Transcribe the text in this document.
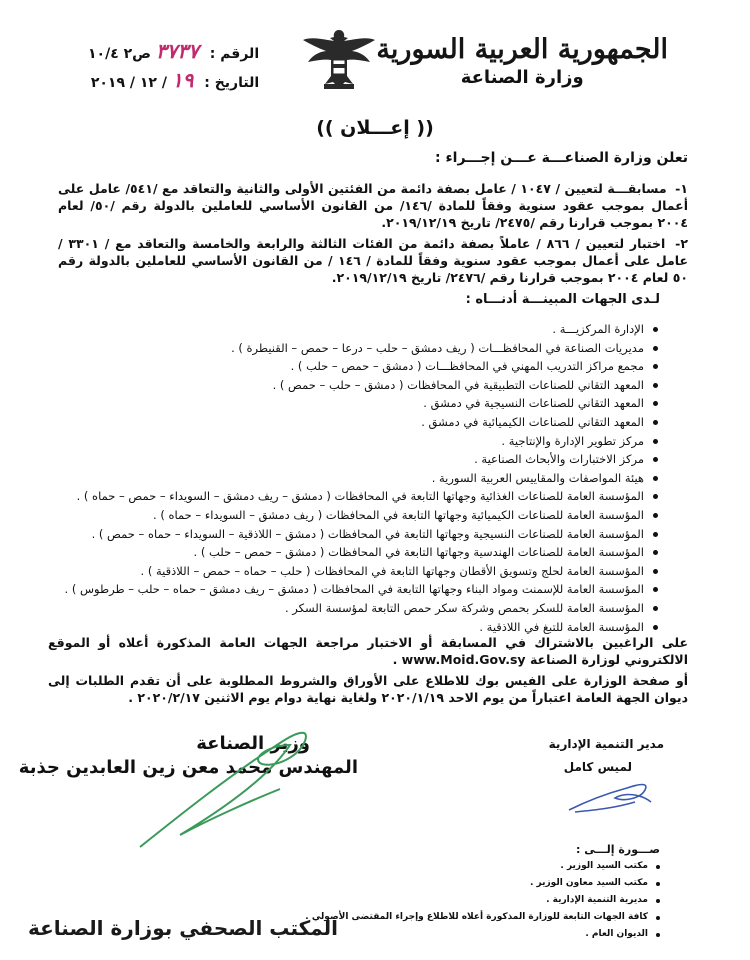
الجمهورية العربية السورية
وزارة الصناعة
الرقم : ٣٧٣٧ ص٢ ١٠/٤
التاريخ : ١٩ / ١٢ / ٢٠١٩
(( إعـــلان ))
تعلن وزارة الصناعـــة عـــن إجـــراء :
١- مسابقـــة لتعيين / ١٠٤٧ / عامل بصفة دائمة من الفئتين الأولى والثانية والتعاقد مع /٥٤١/ عامل على أعمال بموجب عقود سنوية وفقاً للمادة /١٤٦/ من القانون الأساسي للعاملين بالدولة رقم /٥٠/ لعام ٢٠٠٤ بموجب قرارنا رقم /٢٤٧٥/ تاريخ ٢٠١٩/١٢/١٩.
٢- اختبار لتعيين / ٨٦٦ / عاملاً بصفة دائمة من الفئات الثالثة والرابعة والخامسة والتعاقد مع / ٣٣٠١ / عامل على أعمال بموجب عقود سنوية وفقاً للمادة / ١٤٦ / من القانون الأساسي للعاملين بالدولة رقم ٥٠ لعام ٢٠٠٤ بموجب قرارنا رقم /٢٤٧٦/ تاريخ ٢٠١٩/١٢/١٩.
لـدى الجهات المبينـــة أدنـــاه :
الإدارة المركزيـــة .
مديريات الصناعة في المحافظـــات ( ريف دمشق – حلب – درعا – حمص – القنيطرة ) .
مجمع مراكز التدريب المهني في المحافظـــات ( دمشق – حمص – حلب ) .
المعهد التقاني للصناعات التطبيقية في المحافظات ( دمشق – حلب – حمص ) .
المعهد التقاني للصناعات النسيجية في دمشق .
المعهد التقاني للصناعات الكيميائية في دمشق .
مركز تطوير الإدارة والإنتاجية .
مركز الاختبارات والأبحاث الصناعية .
هيئة المواصفات والمقاييس العربية السورية .
المؤسسة العامة للصناعات الغذائية وجهاتها التابعة في المحافظات ( دمشق – ريف دمشق – السويداء – حمص – حماه ) .
المؤسسة العامة للصناعات الكيميائية وجهاتها التابعة في المحافظات ( ريف دمشق – السويداء – حماه ) .
المؤسسة العامة للصناعات النسيجية وجهاتها التابعة في المحافظات ( دمشق – اللاذقية – السويداء – حماه – حمص ) .
المؤسسة العامة للصناعات الهندسية وجهاتها التابعة في المحافظات ( دمشق – حمص – حلب ) .
المؤسسة العامة لحلج وتسويق الأقطان وجهاتها التابعة في المحافظات ( حلب – حماه – حمص – اللاذقية ) .
المؤسسة العامة للإسمنت ومواد البناء وجهاتها التابعة في المحافظات ( دمشق – ريف دمشق – حماه – حلب – طرطوس ) .
المؤسسة العامة للسكر بحمص وشركة سكر حمص التابعة لمؤسسة السكر .
المؤسسة العامة للتبغ في اللاذقية .
على الراغبين بالاشتراك في المسابقة أو الاختبار مراجعة الجهات العامة المذكورة أعلاه أو الموقع الالكتروني لوزارة الصناعة www.Moid.Gov.sy .
أو صفحة الوزارة على الفيس بوك للاطلاع على الأوراق والشروط المطلوبة على أن تقدم الطلبات إلى ديوان الجهة العامة اعتباراً من يوم الاحد ٢٠٢٠/١/١٩ ولغاية نهاية دوام يوم الاثنين ٢٠٢٠/٢/١٧ .
وزير الصناعة
المهندس محمد معن زين العابدين جذبة
مدير التنمية الإدارية
لميس كامل
صـــورة إلـــى :
مكتب السيد الوزير .
مكتب السيد معاون الوزير .
مديرية التنمية الإدارية .
كافة الجهات التابعة للوزارة المذكورة أعلاه للاطلاع وإجراء المقتضى الأصولي .
الديوان العام .
المكتب الصحفي بوزارة الصناعة
